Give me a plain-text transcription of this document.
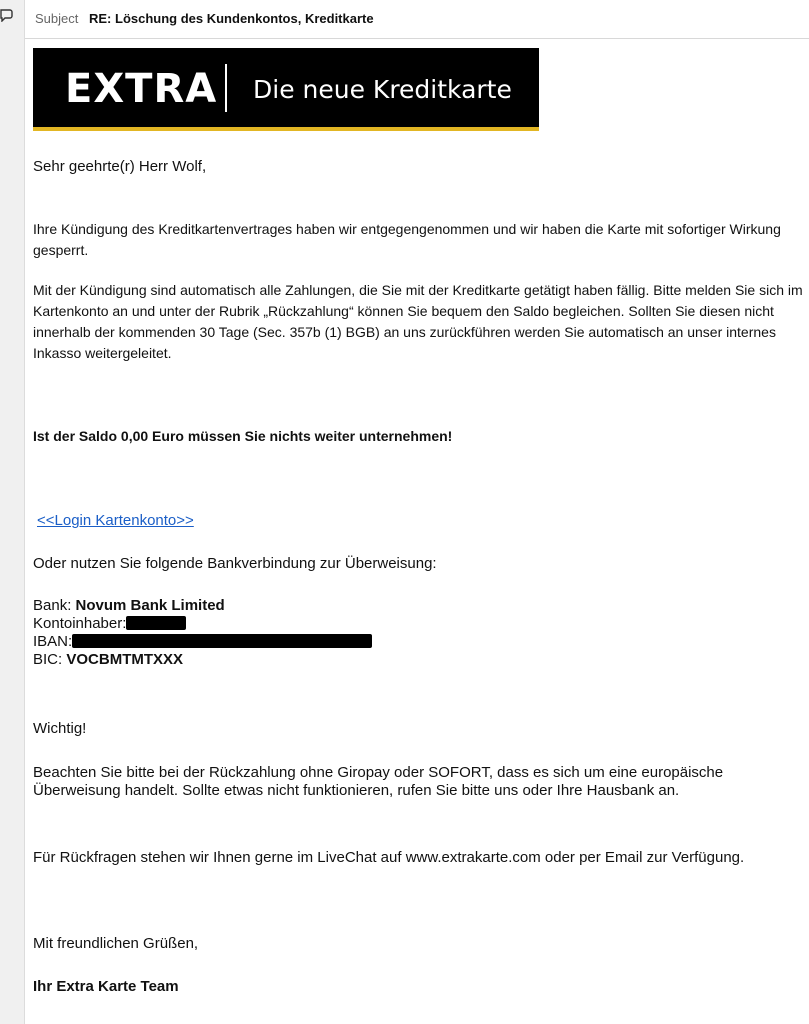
Subject RE: Löschung des Kundenkontos, Kreditkarte
EXTRA Die neue Kreditkarte
Sehr geehrte(r) Herr Wolf,
Ihre Kündigung des Kreditkartenvertrages haben wir entgegengenommen und wir haben die Karte mit sofortiger Wirkung gesperrt.
Mit der Kündigung sind automatisch alle Zahlungen, die Sie mit der Kreditkarte getätigt haben fällig. Bitte melden Sie sich im Kartenkonto an und unter der Rubrik „Rückzahlung“ können Sie bequem den Saldo begleichen. Sollten Sie diesen nicht innerhalb der kommenden 30 Tage (Sec. 357b (1) BGB) an uns zurückführen werden Sie automatisch an unser internes Inkasso weitergeleitet.
Ist der Saldo 0,00 Euro müssen Sie nichts weiter unternehmen!
<<Login Kartenkonto>>
Oder nutzen Sie folgende Bankverbindung zur Überweisung:
Bank: Novum Bank Limited
Kontoinhaber:
IBAN:
BIC: VOCBMTMTXXX
Wichtig!
Beachten Sie bitte bei der Rückzahlung ohne Giropay oder SOFORT, dass es sich um eine europäische Überweisung handelt. Sollte etwas nicht funktionieren, rufen Sie bitte uns oder Ihre Hausbank an.
Für Rückfragen stehen wir Ihnen gerne im LiveChat auf www.extrakarte.com oder per Email zur Verfügung.
Mit freundlichen Grüßen,
Ihr Extra Karte Team
